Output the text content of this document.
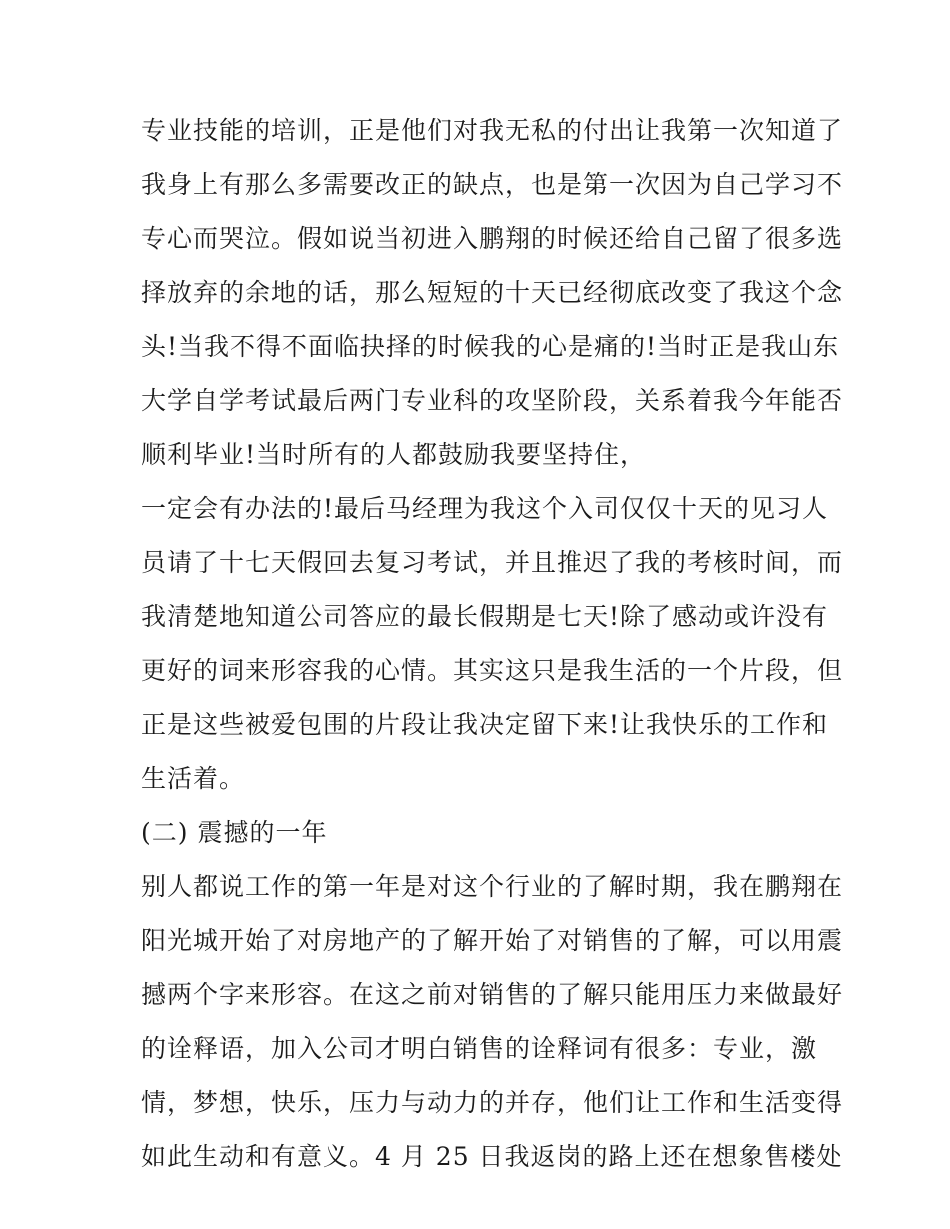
专业技能的培训，正是他们对我无私的付出让我第一次知道了
我身上有那么多需要改正的缺点，也是第一次因为自己学习不
专心而哭泣。假如说当初进入鹏翔的时候还给自己留了很多选
择放弃的余地的话，那么短短的十天已经彻底改变了我这个念
头!当我不得不面临抉择的时候我的心是痛的!当时正是我山东
大学自学考试最后两门专业科的攻坚阶段，关系着我今年能否
顺利毕业!当时所有的人都鼓励我要坚持住，
一定会有办法的!最后马经理为我这个入司仅仅十天的见习人
员请了十七天假回去复习考试，并且推迟了我的考核时间，而
我清楚地知道公司答应的最长假期是七天!除了感动或许没有
更好的词来形容我的心情。其实这只是我生活的一个片段，但
正是这些被爱包围的片段让我决定留下来!让我快乐的工作和
生活着。
(二) 震撼的一年
别人都说工作的第一年是对这个行业的了解时期，我在鹏翔在
阳光城开始了对房地产的了解开始了对销售的了解，可以用震
撼两个字来形容。在这之前对销售的了解只能用压力来做最好
的诠释语，加入公司才明白销售的诠释词有很多：专业，激
情，梦想，快乐，压力与动力的并存，他们让工作和生活变得
如此生动和有意义。4 月 25 日我返岗的路上还在想象售楼处
